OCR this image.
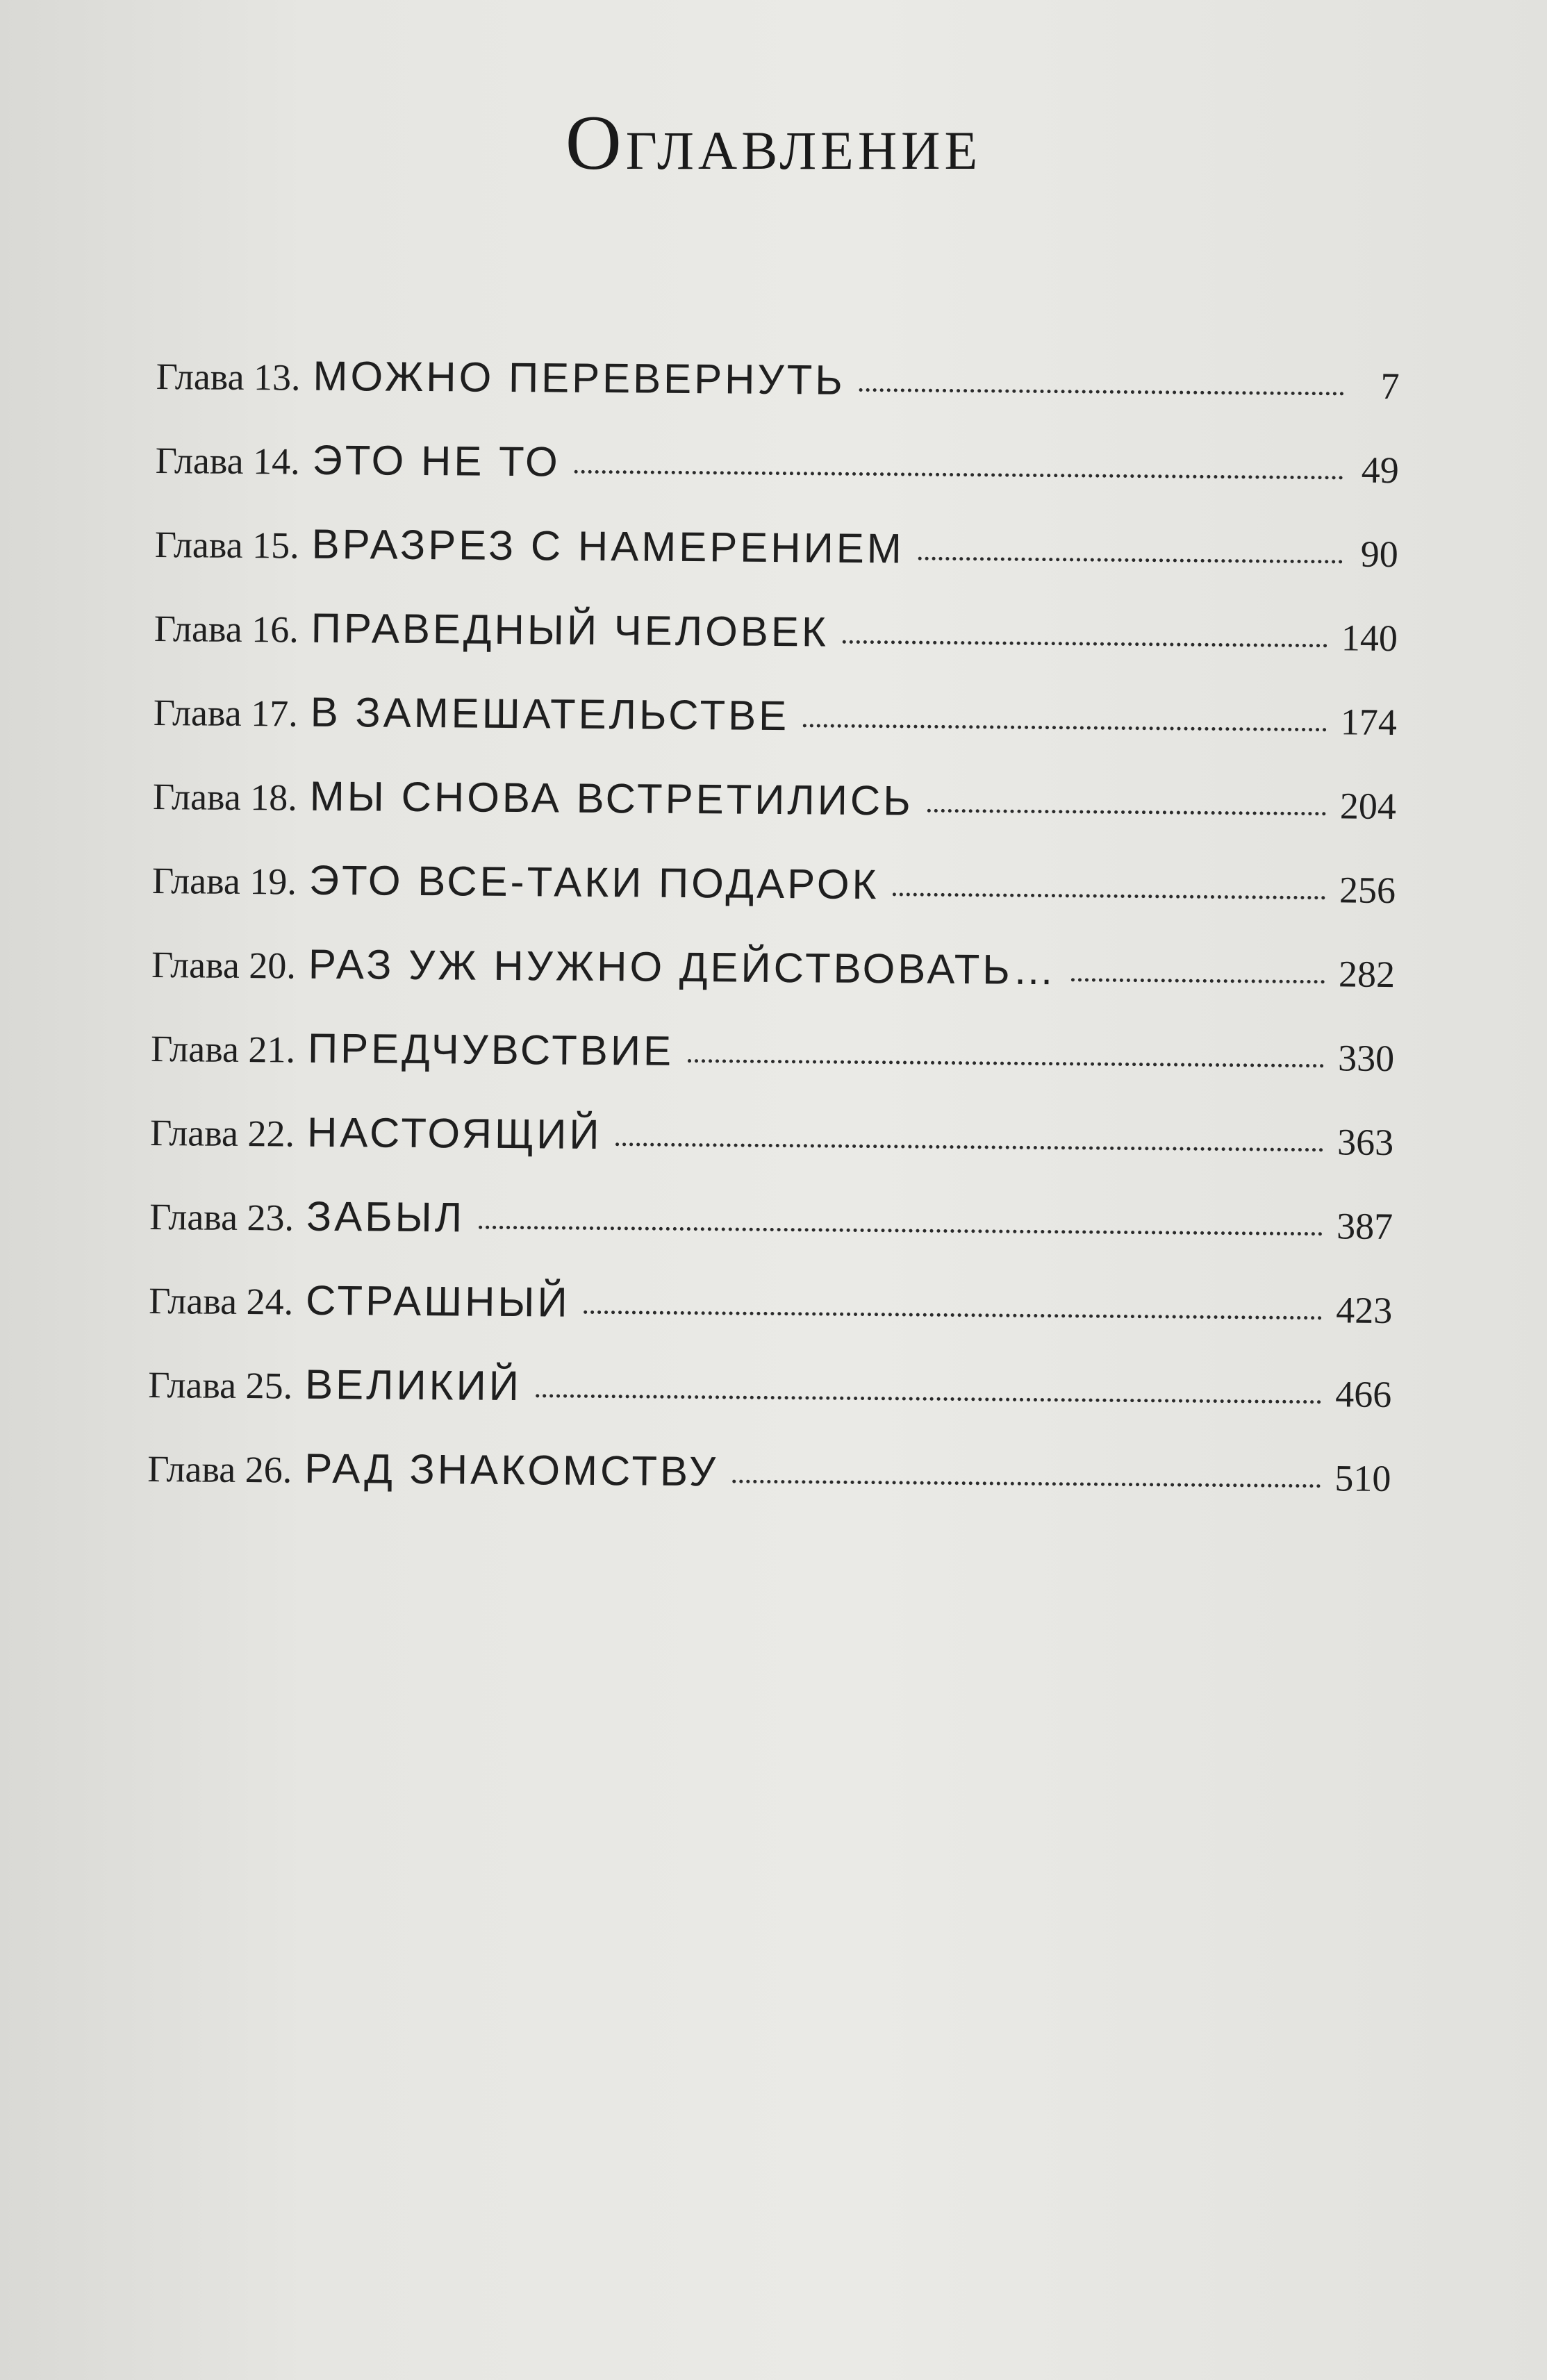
Оглавление
Глава 13. МОЖНО ПЕРЕВЕРНУТЬ	7
Глава 14. ЭТО НЕ ТО	49
Глава 15. ВРАЗРЕЗ С НАМЕРЕНИЕМ	90
Глава 16. ПРАВЕДНЫЙ ЧЕЛОВЕК	140
Глава 17. В ЗАМЕШАТЕЛЬСТВЕ	174
Глава 18. МЫ СНОВА ВСТРЕТИЛИСЬ	204
Глава 19. ЭТО ВСЕ-ТАКИ ПОДАРОК	256
Глава 20. РАЗ УЖ НУЖНО ДЕЙСТВОВАТЬ…	282
Глава 21. ПРЕДЧУВСТВИЕ	330
Глава 22. НАСТОЯЩИЙ	363
Глава 23. ЗАБЫЛ	387
Глава 24. СТРАШНЫЙ	423
Глава 25. ВЕЛИКИЙ	466
Глава 26. РАД ЗНАКОМСТВУ	510
